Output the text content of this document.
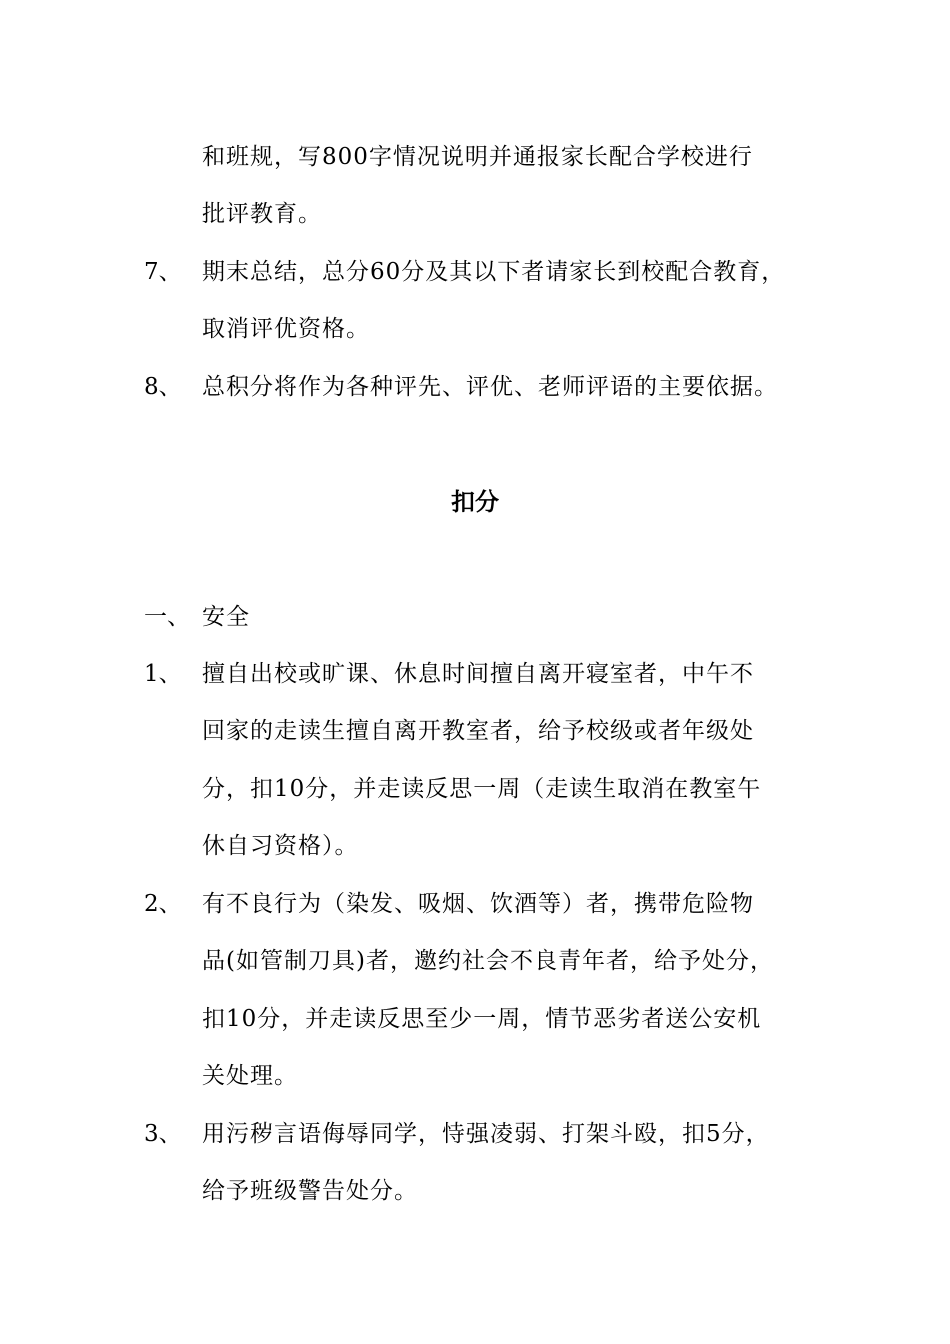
和班规，写800字情况说明并通报家长配合学校进行
批评教育。
7、 期末总结，总分60分及其以下者请家长到校配合教育，
取消评优资格。
8、 总积分将作为各种评先、评优、老师评语的主要依据。
扣分
一、 安全
1、 擅自出校或旷课、休息时间擅自离开寝室者，中午不
回家的走读生擅自离开教室者，给予校级或者年级处
分，扣10分，并走读反思一周（走读生取消在教室午
休自习资格）。
2、 有不良行为（染发、吸烟、饮酒等）者，携带危险物
品(如管制刀具)者，邀约社会不良青年者，给予处分，
扣10分，并走读反思至少一周，情节恶劣者送公安机
关处理。
3、 用污秽言语侮辱同学，恃强凌弱、打架斗殴，扣5分，
给予班级警告处分。
